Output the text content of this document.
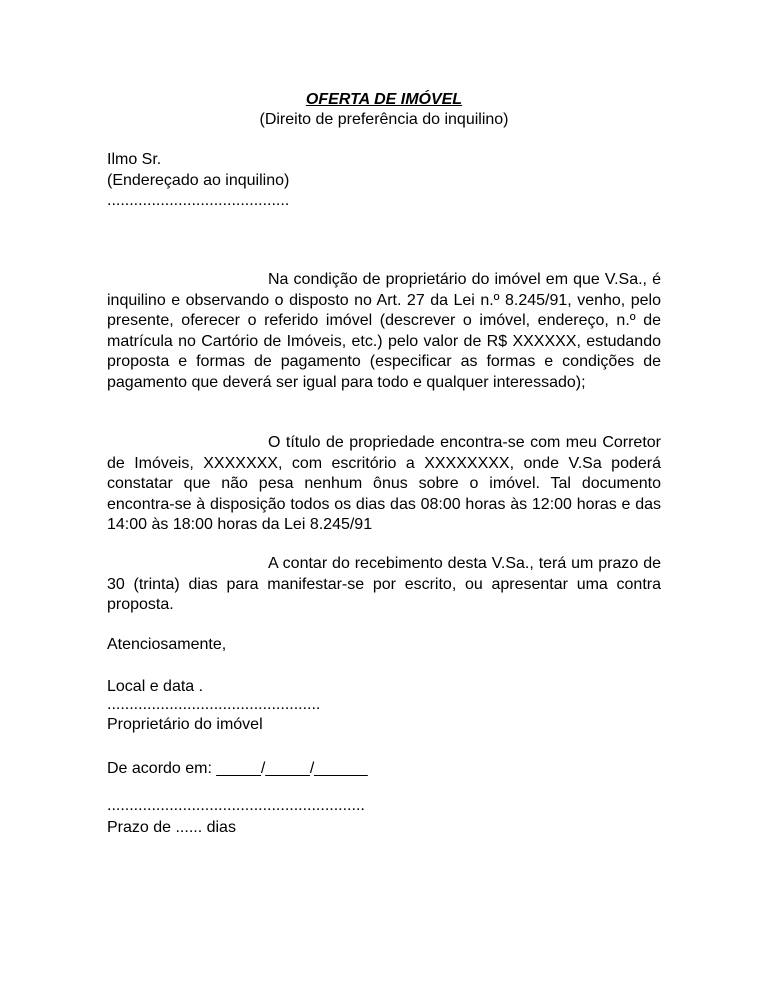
OFERTA DE IMÓVEL
(Direito de preferência do inquilino)
Ilmo Sr.
(Endereçado ao inquilino)
.........................................
Na condição de proprietário do imóvel em que V.Sa., é inquilino e observando o disposto no Art. 27 da Lei n.º 8.245/91, venho, pelo presente, oferecer o referido imóvel (descrever o imóvel, endereço, n.º de matrícula no Cartório de Imóveis, etc.) pelo valor de R$ XXXXXX, estudando proposta e formas de pagamento (especificar as formas e condições de pagamento que deverá ser igual para todo e qualquer interessado);
O título de propriedade encontra-se com meu Corretor de Imóveis, XXXXXXX, com escritório a XXXXXXXX, onde V.Sa poderá constatar que não pesa nenhum ônus sobre o imóvel. Tal documento encontra-se à disposição todos os dias das 08:00 horas às 12:00 horas e das 14:00 às 18:00 horas da Lei 8.245/91
A contar do recebimento desta V.Sa., terá um prazo de 30 (trinta) dias para manifestar-se por escrito, ou apresentar uma contra proposta.
Atenciosamente,
Local e data .
................................................
Proprietário do imóvel
De acordo em: _____/_____/______
..........................................................
Prazo de ...... dias
